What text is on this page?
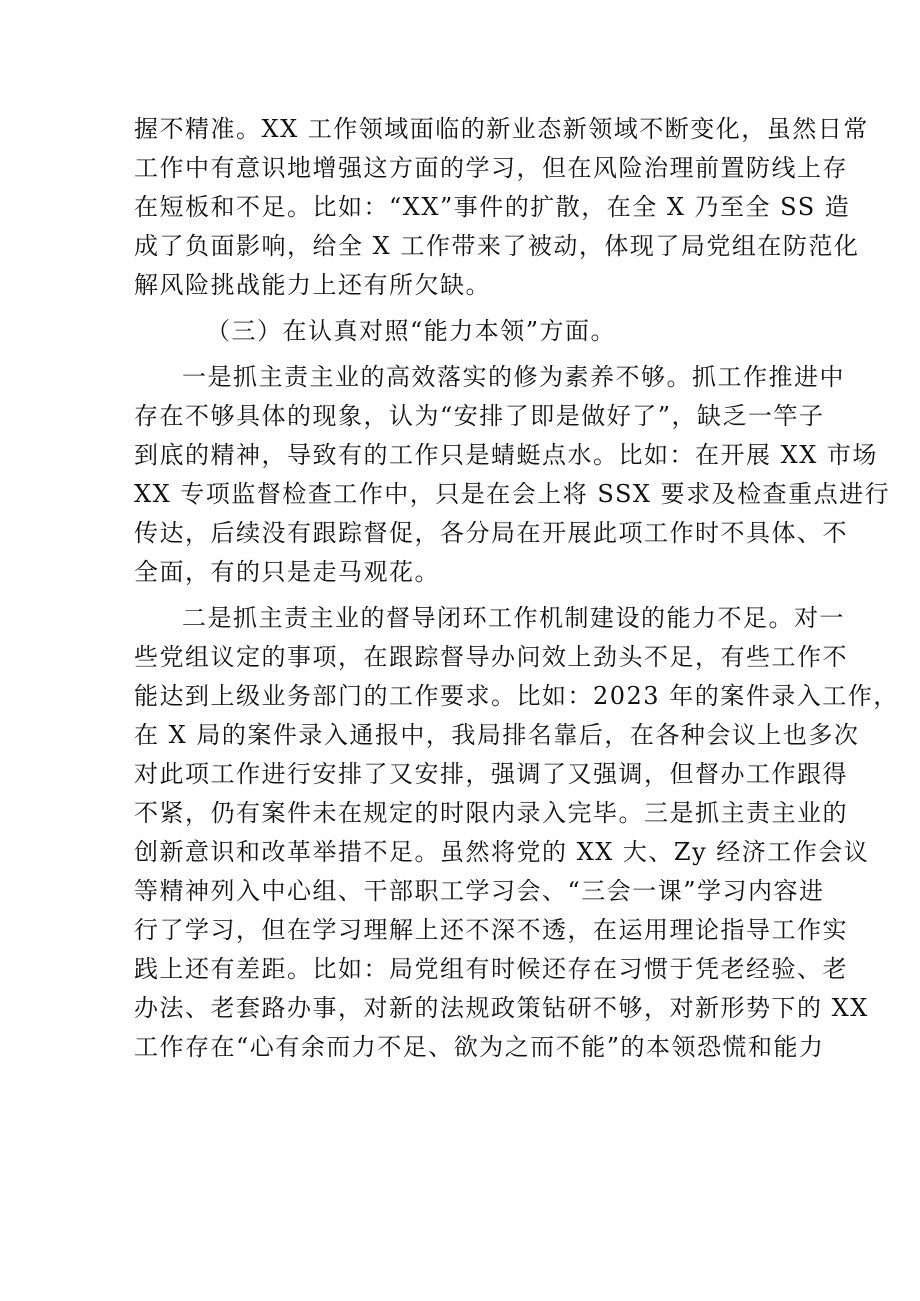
握不精准。XX 工作领域面临的新业态新领域不断变化，虽然日常
工作中有意识地增强这方面的学习，但在风险治理前置防线上存
在短板和不足。比如：“XX”事件的扩散，在全 X 乃至全 SS 造
成了负面影响，给全 X 工作带来了被动，体现了局党组在防范化
解风险挑战能力上还有所欠缺。
（三）在认真对照“能力本领”方面。
一是抓主责主业的高效落实的修为素养不够。抓工作推进中
存在不够具体的现象，认为“安排了即是做好了”，缺乏一竿子
到底的精神，导致有的工作只是蜻蜓点水。比如：在开展 XX 市场
XX 专项监督检查工作中，只是在会上将 SSX 要求及检查重点进行
传达，后续没有跟踪督促，各分局在开展此项工作时不具体、不
全面，有的只是走马观花。
二是抓主责主业的督导闭环工作机制建设的能力不足。对一
些党组议定的事项，在跟踪督导办问效上劲头不足，有些工作不
能达到上级业务部门的工作要求。比如：2023 年的案件录入工作，
在 X 局的案件录入通报中，我局排名靠后，在各种会议上也多次
对此项工作进行安排了又安排，强调了又强调，但督办工作跟得
不紧，仍有案件未在规定的时限内录入完毕。三是抓主责主业的
创新意识和改革举措不足。虽然将党的 XX 大、Zy 经济工作会议
等精神列入中心组、干部职工学习会、“三会一课”学习内容进
行了学习，但在学习理解上还不深不透，在运用理论指导工作实
践上还有差距。比如：局党组有时候还存在习惯于凭老经验、老
办法、老套路办事，对新的法规政策钻研不够，对新形势下的 XX
工作存在“心有余而力不足、欲为之而不能”的本领恐慌和能力
